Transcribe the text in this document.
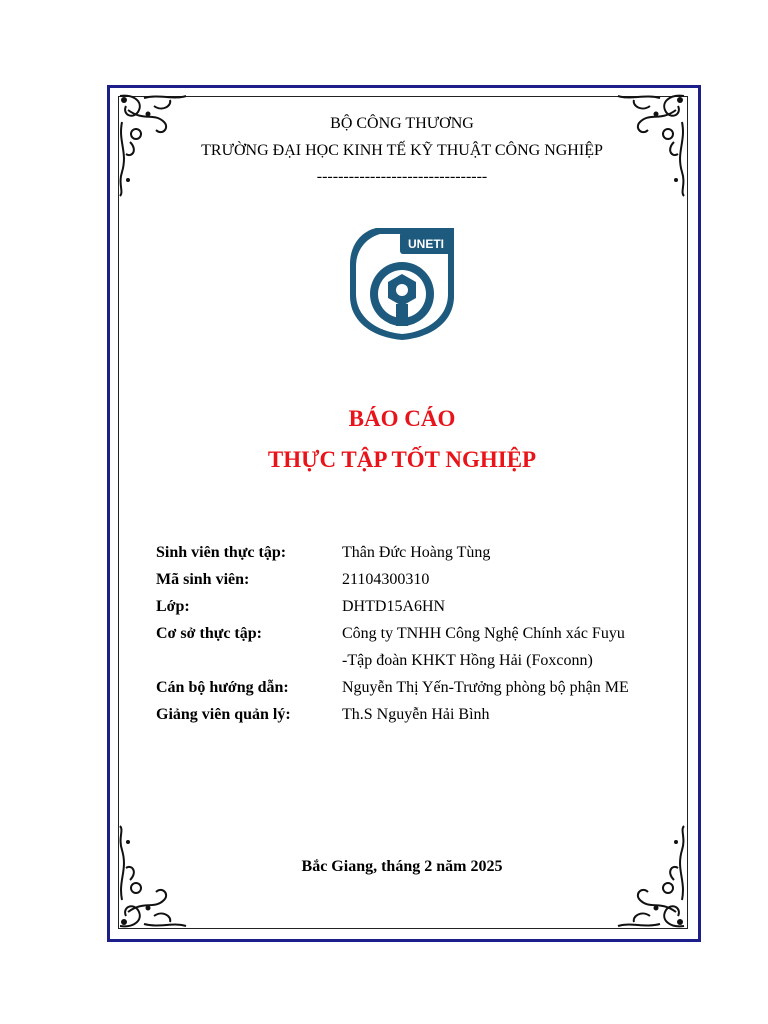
BỘ CÔNG THƯƠNG
TRƯỜNG ĐẠI HỌC KINH TẾ KỸ THUẬT CÔNG NGHIỆP
--------------------------------
UNETI
BÁO CÁO
THỰC TẬP TỐT NGHIỆP
Sinh viên thực tập:	Thân Đức Hoàng Tùng
Mã sinh viên:	21104300310
Lớp:	DHTD15A6HN
Cơ sở thực tập:	Công ty TNHH Công Nghệ Chính xác Fuyu
-Tập đoàn KHKT Hồng Hải (Foxconn)
Cán bộ hướng dẫn:	Nguyễn Thị Yến-Trưởng phòng bộ phận ME
Giảng viên quản lý:	Th.S Nguyễn Hải Bình
Bắc Giang, tháng 2 năm 2025
